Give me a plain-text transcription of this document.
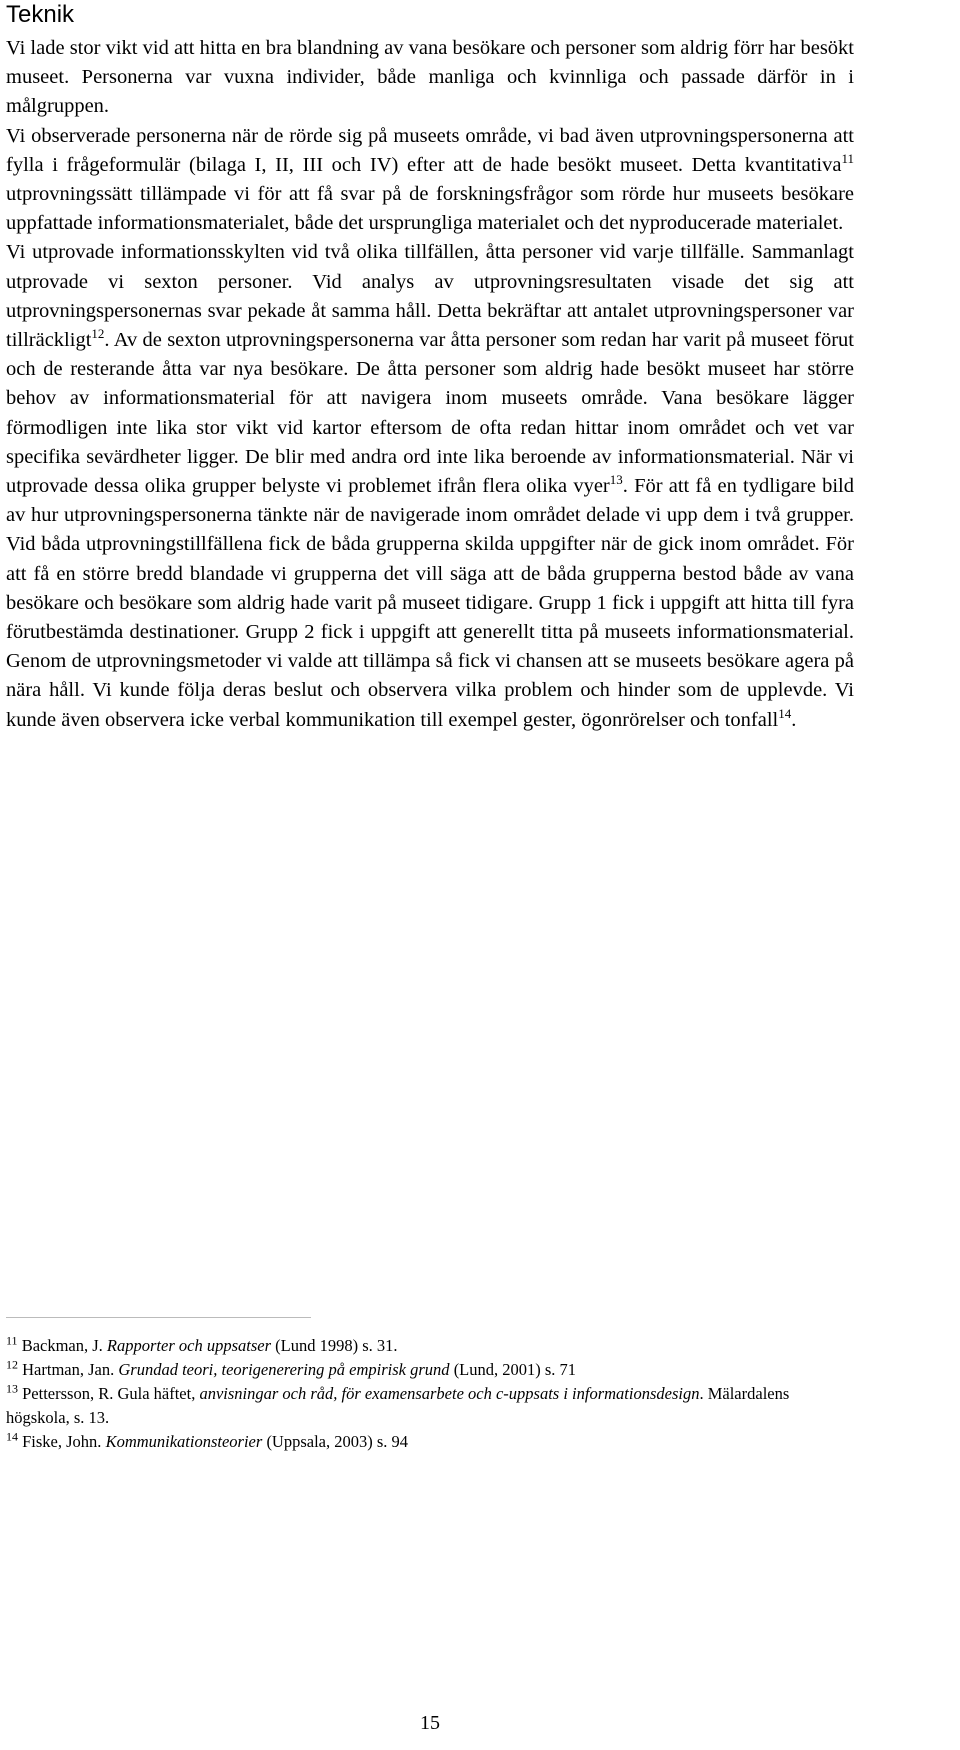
Teknik

Vi lade stor vikt vid att hitta en bra blandning av vana besökare och personer som aldrig förr har besökt museet. Personerna var vuxna individer, både manliga och kvinnliga och passade därför in i målgruppen.

Vi observerade personerna när de rörde sig på museets område, vi bad även utprovningspersonerna att fylla i frågeformulär (bilaga I, II, III och IV) efter att de hade besökt museet. Detta kvantitativa$^{11}$ utprovningssätt tillämpade vi för att få svar på de forskningsfrågor som rörde hur museets besökare uppfattade informationsmaterialet, både det ursprungliga materialet och det nyproducerade materialet.

Vi utprovade informationsskylten vid två olika tillfällen, åtta personer vid varje tillfälle. Sammanlagt utprovade vi sexton personer. Vid analys av utprovningsresultaten visade det sig att utprovningspersonernas svar pekade åt samma håll. Detta bekräftar att antalet utprovningspersoner var tillräckligt$^{12}$. Av de sexton utprovningspersonerna var åtta personer som redan har varit på museet förut och de resterande åtta var nya besökare. De åtta personer som aldrig hade besökt museet har större behov av informationsmaterial för att navigera inom museets område. Vana besökare lägger förmodligen inte lika stor vikt vid kartor eftersom de ofta redan hittar inom området och vet var specifika sevärdheter ligger. De blir med andra ord inte lika beroende av informationsmaterial. När vi utprovade dessa olika grupper belyste vi problemet ifrån flera olika vyer$^{13}$. För att få en tydligare bild av hur utprovningspersonerna tänkte när de navigerade inom området delade vi upp dem i två grupper. Vid båda utprovningstillfällena fick de båda grupperna skilda uppgifter när de gick inom området. För att få en större bredd blandade vi grupperna det vill säga att de båda grupperna bestod både av vana besökare och besökare som aldrig hade varit på museet tidigare. Grupp 1 fick i uppgift att hitta till fyra förutbestämda destinationer. Grupp 2 fick i uppgift att generellt titta på museets informationsmaterial. Genom de utprovningsmetoder vi valde att tillämpa så fick vi chansen att se museets besökare agera på nära håll. Vi kunde följa deras beslut och observera vilka problem och hinder som de upplevde. Vi kunde även observera icke verbal kommunikation till exempel gester, ögonrörelser och tonfall$^{14}$.

$^{11}$ Backman, J. Rapporter och uppsatser (Lund 1998) s. 31.

$^{12}$ Hartman, Jan. Grundad teori, teorigenerering på empirisk grund (Lund, 2001) s. 71

$^{13}$ Pettersson, R. Gula häftet, anvisningar och råd, för examensarbete och c-uppsats i informationsdesign. Mälardalens högskola, s. 13.

$^{14}$ Fiske, John. Kommunikationsteorier (Uppsala, 2003) s. 94

15
